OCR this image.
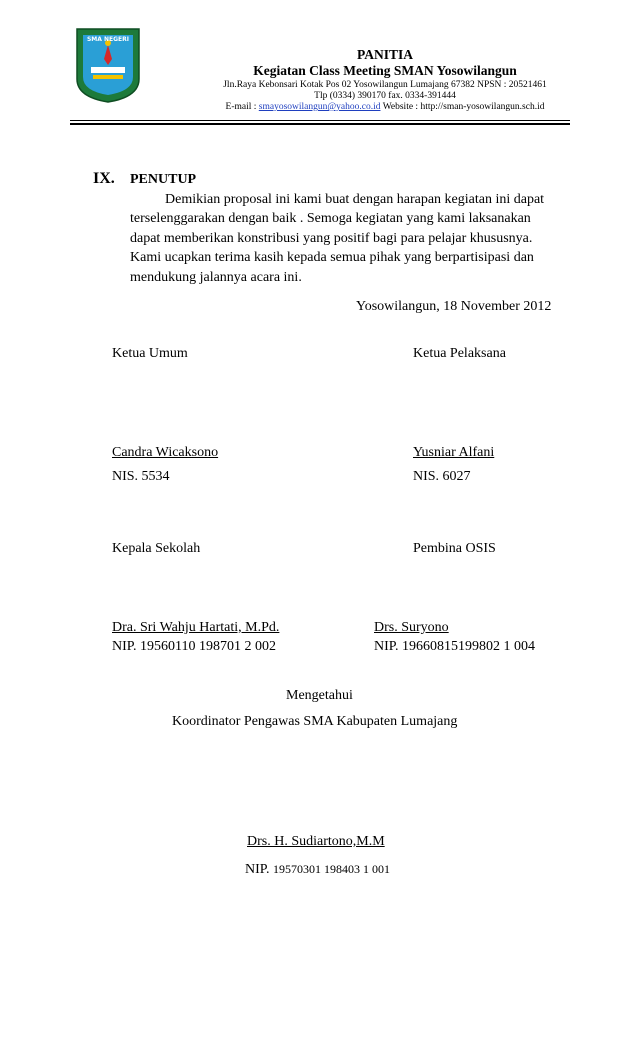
SMA NEGERI
PANITIA
Kegiatan Class Meeting SMAN Yosowilangun
Jln.Raya Kebonsari Kotak Pos 02 Yosowilangun Lumajang 67382 NPSN : 20521461
Tlp (0334) 390170 fax. 0334-391444
E-mail : smayosowilangun@yahoo.co.id Website : http://sman-yosowilangun.sch.id
IX. PENUTUP
Demikian proposal ini kami buat dengan harapan kegiatan ini dapat
terselenggarakan dengan baik . Semoga kegiatan yang kami laksanakan
dapat memberikan konstribusi yang positif bagi para pelajar khususnya.
Kami ucapkan terima kasih kepada semua pihak yang berpartisipasi dan
mendukung jalannya acara ini.
Yosowilangun, 18 November 2012
Ketua Umum	Ketua Pelaksana
Candra Wicaksono
NIS. 5534
Yusniar Alfani
NIS. 6027
Kepala Sekolah	Pembina OSIS
Dra. Sri Wahju Hartati, M.Pd.
NIP. 19560110 198701 2 002
Drs. Suryono
NIP. 19660815199802 1 004
Mengetahui
Koordinator Pengawas SMA Kabupaten Lumajang
Drs. H. Sudiartono,M.M
NIP. 19570301 198403 1 001
